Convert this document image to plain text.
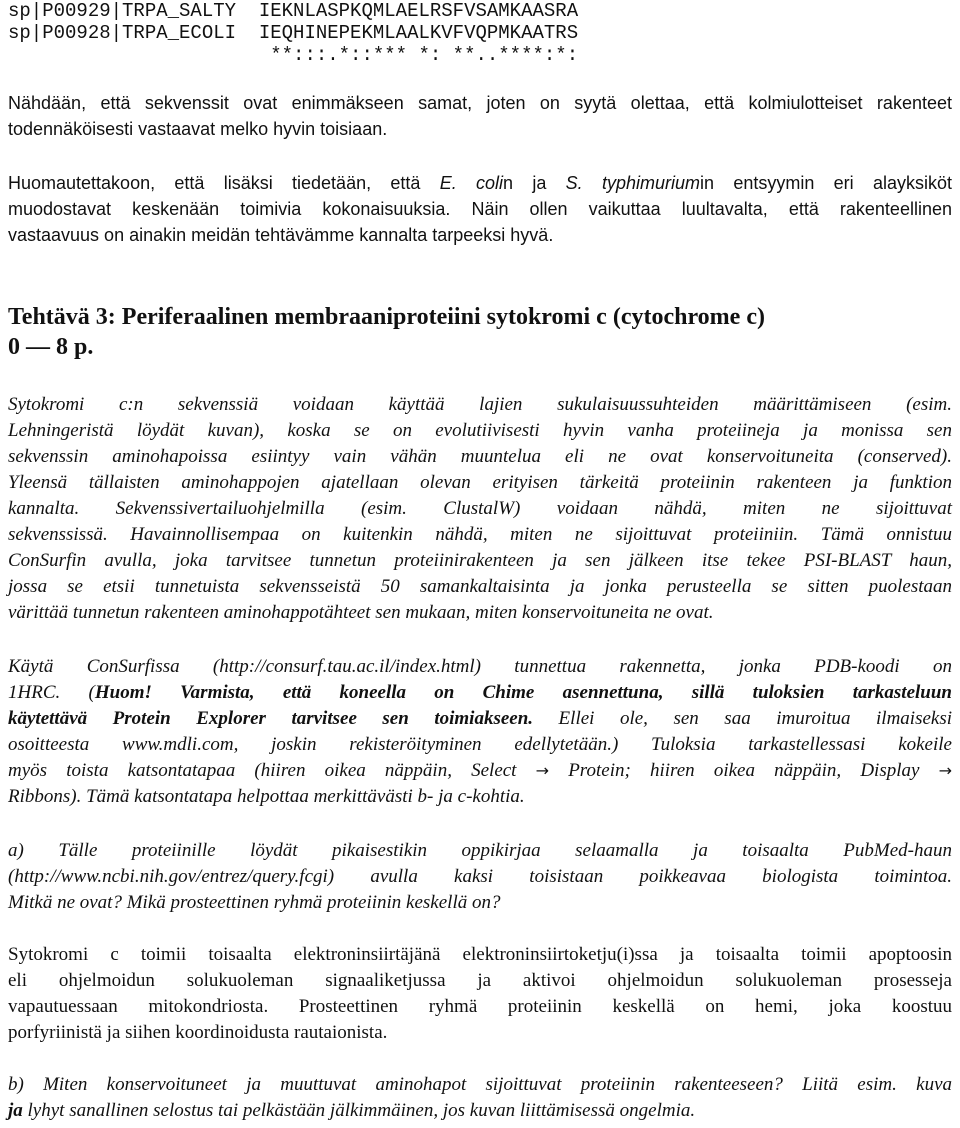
sp|P00929|TRPA_SALTY  IEKNLASPKQMLAELRSFVSAMKAASRA
sp|P00928|TRPA_ECOLI  IEQHINEPEKMLAALKVFVQPMKAATRS
**:::.*::*** *: **..****:*:
Nähdään, että sekvenssit ovat enimmäkseen samat, joten on syytä olettaa, että kolmiulotteiset rakenteet
todennäköisesti vastaavat melko hyvin toisiaan.
Huomautettakoon, että lisäksi tiedetään, että E. colin ja S. typhimuriumin entsyymin eri alayksiköt
muodostavat keskenään toimivia kokonaisuuksia. Näin ollen vaikuttaa luultavalta, että rakenteellinen
vastaavuus on ainakin meidän tehtävämme kannalta tarpeeksi hyvä.
Tehtävä 3: Periferaalinen membraaniproteiini sytokromi c (cytochrome c)
0 — 8 p.
Sytokromi c:n sekvenssiä voidaan käyttää lajien sukulaisuussuhteiden määrittämiseen (esim.
Lehningeristä löydät kuvan), koska se on evolutiivisesti hyvin vanha proteiineja ja monissa sen
sekvenssin aminohapoissa esiintyy vain vähän muuntelua eli ne ovat konservoituneita (conserved).
Yleensä tällaisten aminohappojen ajatellaan olevan erityisen tärkeitä proteiinin rakenteen ja funktion
kannalta. Sekvenssivertailuohjelmilla (esim. ClustalW) voidaan nähdä, miten ne sijoittuvat
sekvenssissä. Havainnollisempaa on kuitenkin nähdä, miten ne sijoittuvat proteiiniin. Tämä onnistuu
ConSurfin avulla, joka tarvitsee tunnetun proteiinirakenteen ja sen jälkeen itse tekee PSI-BLAST haun,
jossa se etsii tunnetuista sekvensseistä 50 samankaltaisinta ja jonka perusteella se sitten puolestaan
värittää tunnetun rakenteen aminohappotähteet sen mukaan, miten konservoituneita ne ovat.
Käytä ConSurfissa (http://consurf.tau.ac.il/index.html) tunnettua rakennetta, jonka PDB-koodi on
1HRC. (Huom! Varmista, että koneella on Chime asennettuna, sillä tuloksien tarkasteluun
käytettävä Protein Explorer tarvitsee sen toimiakseen. Ellei ole, sen saa imuroitua ilmaiseksi
osoitteesta www.mdli.com, joskin rekisteröityminen edellytetään.) Tuloksia tarkastellessasi kokeile
myös toista katsontatapaa (hiiren oikea näppäin, Select → Protein; hiiren oikea näppäin, Display →
Ribbons). Tämä katsontatapa helpottaa merkittävästi b- ja c-kohtia.
a) Tälle proteiinille löydät pikaisestikin oppikirjaa selaamalla ja toisaalta PubMed-haun
(http://www.ncbi.nih.gov/entrez/query.fcgi) avulla kaksi toisistaan poikkeavaa biologista toimintoa.
Mitkä ne ovat? Mikä prosteettinen ryhmä proteiinin keskellä on?
Sytokromi c toimii toisaalta elektroninsiirtäjänä elektroninsiirtoketju(i)ssa ja toisaalta toimii apoptoosin
eli ohjelmoidun solukuoleman signaaliketjussa ja aktivoi ohjelmoidun solukuoleman prosesseja
vapautuessaan mitokondriosta. Prosteettinen ryhmä proteiinin keskellä on hemi, joka koostuu
porfyriinistä ja siihen koordinoidusta rautaionista.
b) Miten konservoituneet ja muuttuvat aminohapot sijoittuvat proteiinin rakenteeseen? Liitä esim. kuva
ja lyhyt sanallinen selostus tai pelkästään jälkimmäinen, jos kuvan liittämisessä ongelmia.
